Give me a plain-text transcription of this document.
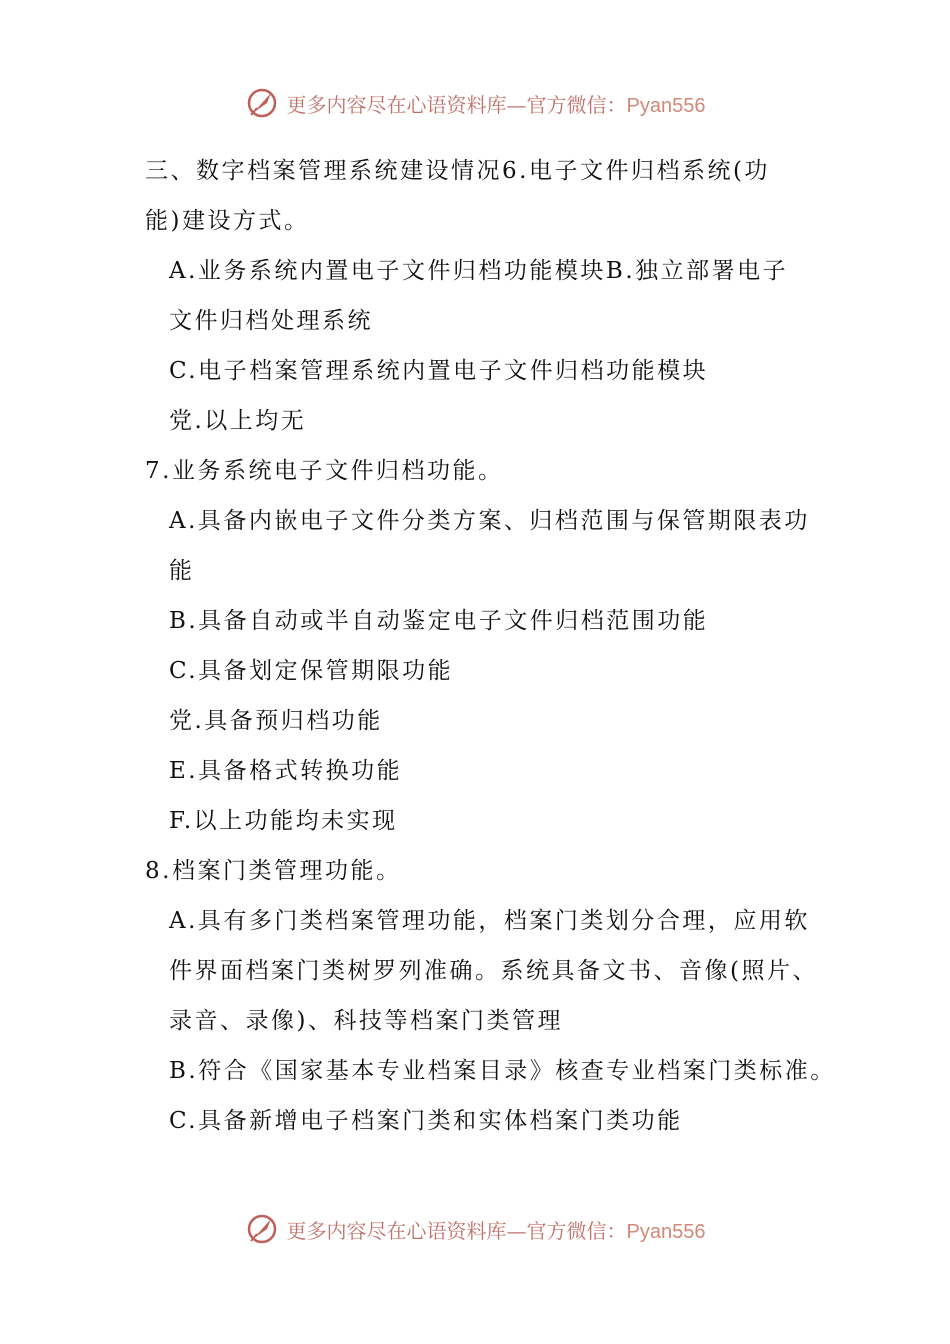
更多内容尽在心语资料库—官方微信：Pyan556
三、数字档案管理系统建设情况6.电子文件归档系统(功
能)建设方式。
A.业务系统内置电子文件归档功能模块B.独立部署电子
文件归档处理系统
C.电子档案管理系统内置电子文件归档功能模块
党.以上均无
7.业务系统电子文件归档功能。
A.具备内嵌电子文件分类方案、归档范围与保管期限表功
能
B.具备自动或半自动鉴定电子文件归档范围功能
C.具备划定保管期限功能
党.具备预归档功能
E.具备格式转换功能
F.以上功能均未实现
8.档案门类管理功能。
A.具有多门类档案管理功能，档案门类划分合理，应用软
件界面档案门类树罗列准确。系统具备文书、音像(照片、
录音、录像)、科技等档案门类管理
B.符合《国家基本专业档案目录》核查专业档案门类标准。
C.具备新增电子档案门类和实体档案门类功能
更多内容尽在心语资料库—官方微信：Pyan556
